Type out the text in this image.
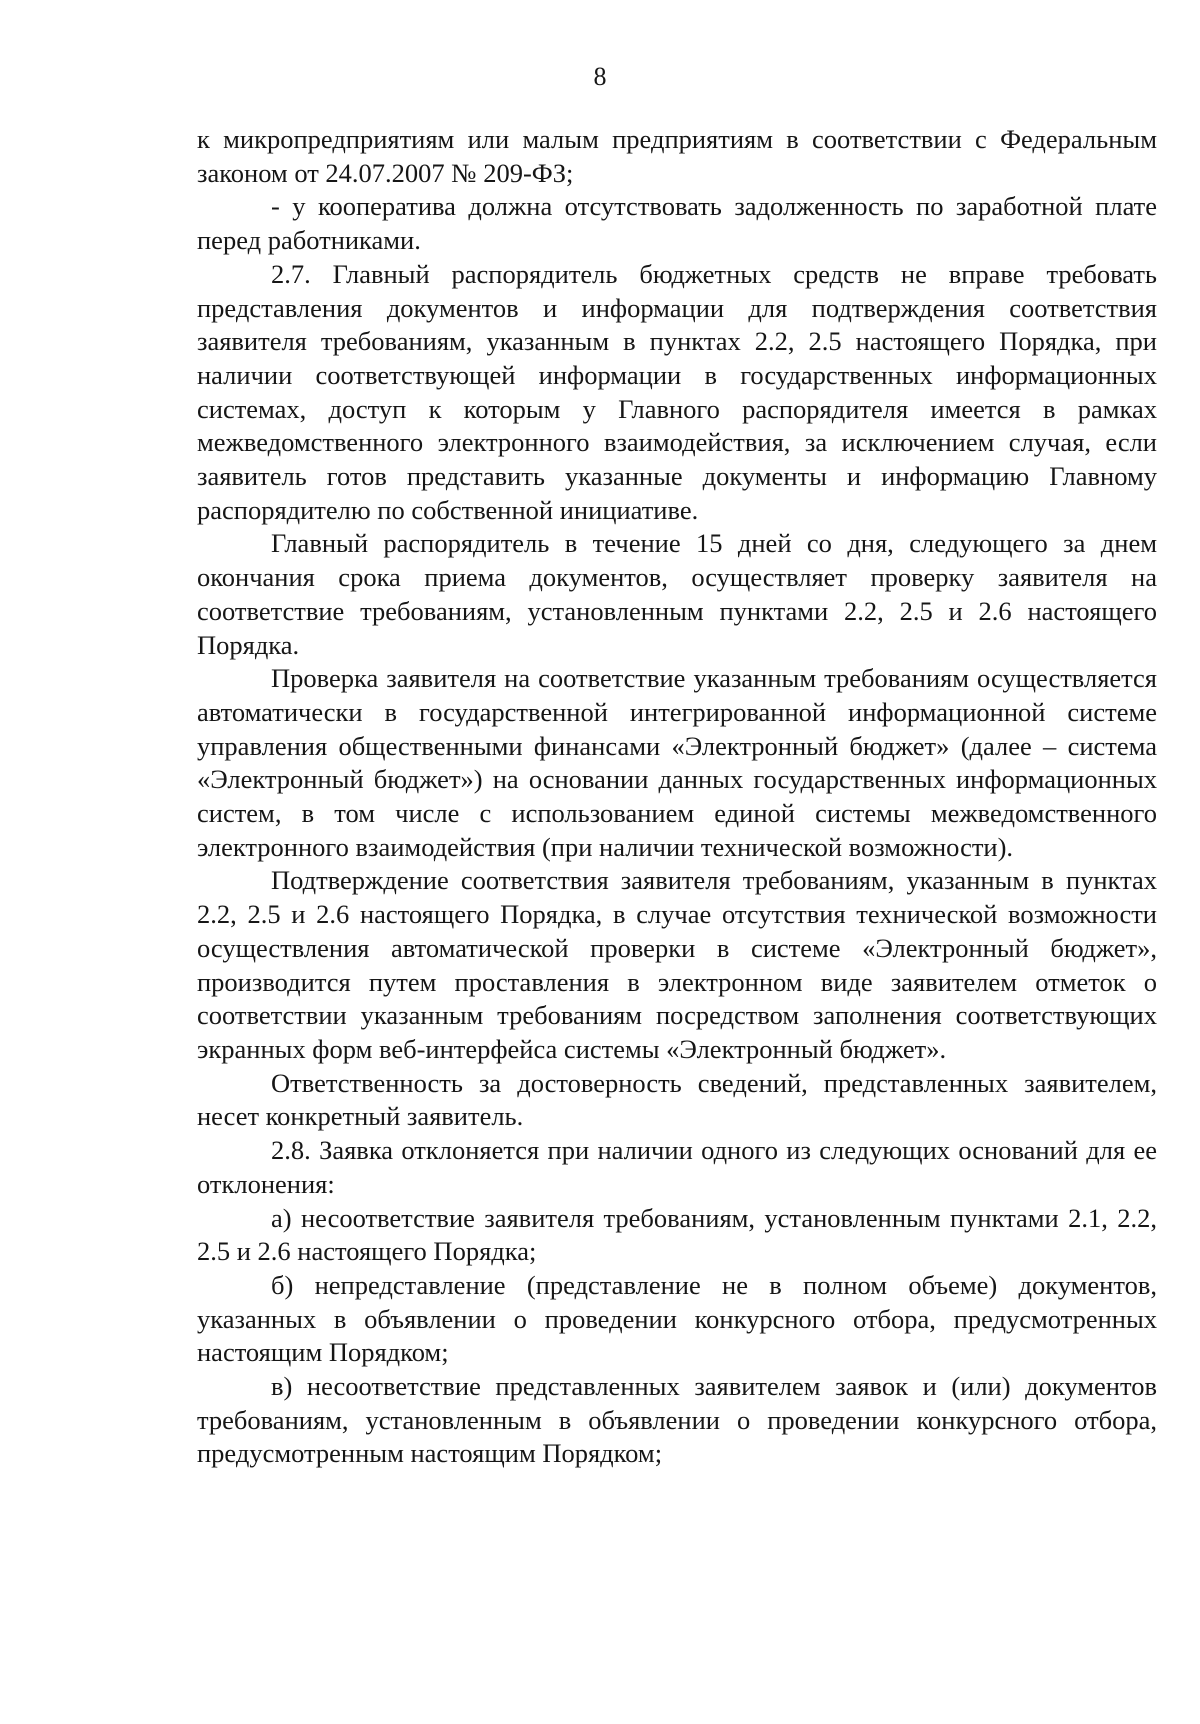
8

к микропредприятиям или малым предприятиям в соответствии с Федеральным законом от 24.07.2007 № 209-ФЗ;

- у кооператива должна отсутствовать задолженность по заработной плате перед работниками.

2.7. Главный распорядитель бюджетных средств не вправе требовать представления документов и информации для подтверждения соответствия заявителя требованиям, указанным в пунктах 2.2, 2.5 настоящего Порядка, при наличии соответствующей информации в государственных информационных системах, доступ к которым у Главного распорядителя имеется в рамках межведомственного электронного взаимодействия, за исключением случая, если заявитель готов представить указанные документы и информацию Главному распорядителю по собственной инициативе.

Главный распорядитель в течение 15 дней со дня, следующего за днем окончания срока приема документов, осуществляет проверку заявителя на соответствие требованиям, установленным пунктами 2.2, 2.5 и 2.6 настоящего Порядка.

Проверка заявителя на соответствие указанным требованиям осуществляется автоматически в государственной интегрированной информационной системе управления общественными финансами «Электронный бюджет» (далее – система «Электронный бюджет») на основании данных государственных информационных систем, в том числе с использованием единой системы межведомственного электронного взаимодействия (при наличии технической возможности).

Подтверждение соответствия заявителя требованиям, указанным в пунктах 2.2, 2.5 и 2.6 настоящего Порядка, в случае отсутствия технической возможности осуществления автоматической проверки в системе «Электронный бюджет», производится путем проставления в электронном виде заявителем отметок о соответствии указанным требованиям посредством заполнения соответствующих экранных форм веб-интерфейса системы «Электронный бюджет».

Ответственность за достоверность сведений, представленных заявителем, несет конкретный заявитель.

2.8. Заявка отклоняется при наличии одного из следующих оснований для ее отклонения:

а) несоответствие заявителя требованиям, установленным пунктами 2.1, 2.2, 2.5 и 2.6 настоящего Порядка;

б) непредставление (представление не в полном объеме) документов, указанных в объявлении о проведении конкурсного отбора, предусмотренных настоящим Порядком;

в) несоответствие представленных заявителем заявок и (или) документов требованиям, установленным в объявлении о проведении конкурсного отбора, предусмотренным настоящим Порядком;
